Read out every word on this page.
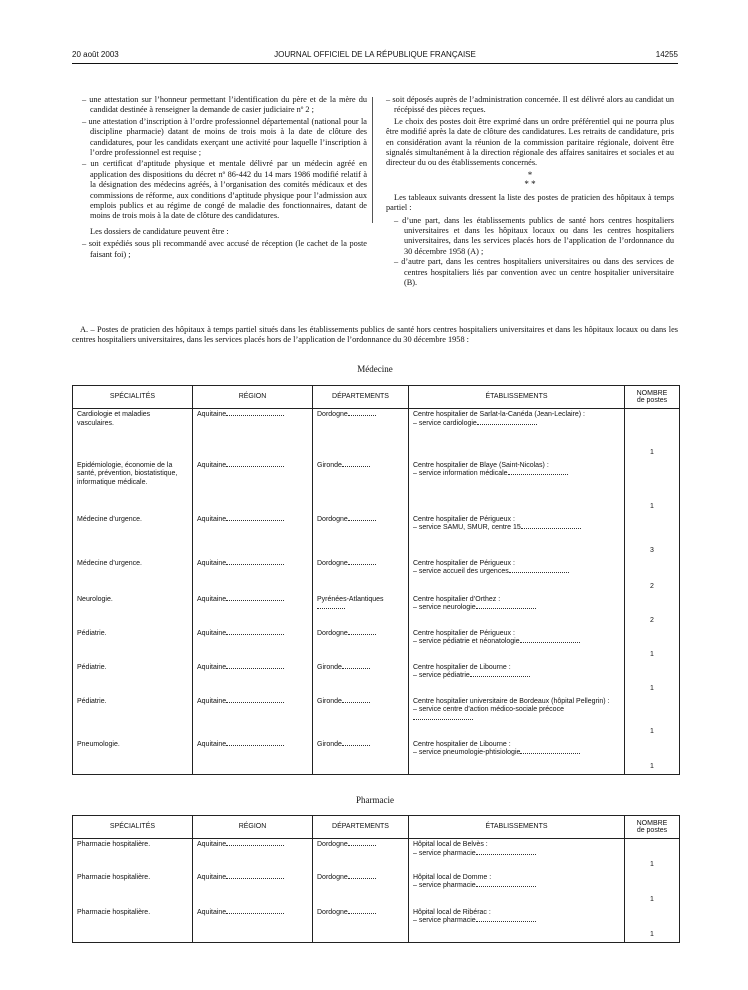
20 août 2003	JOURNAL OFFICIEL DE LA RÉPUBLIQUE FRANÇAISE	14255

– une attestation sur l’honneur permettant l’identification du père et de la mère du candidat destinée à renseigner la demande de casier judiciaire nº 2 ;

– une attestation d’inscription à l’ordre professionnel départemental (national pour la discipline pharmacie) datant de moins de trois mois à la date de clôture des candidatures, pour les candidats exerçant une activité pour laquelle l’inscription à l’ordre professionnel est requise ;

– un certificat d’aptitude physique et mentale délivré par un médecin agréé en application des dispositions du décret nº 86-442 du 14 mars 1986 modifié relatif à la désignation des médecins agréés, à l’organisation des comités médicaux et des commissions de réforme, aux conditions d’aptitude physique pour l’admission aux emplois publics et au régime de congé de maladie des fonctionnaires, datant de moins de trois mois à la date de clôture des candidatures.

Les dossiers de candidature peuvent être :

– soit expédiés sous pli recommandé avec accusé de réception (le cachet de la poste faisant foi) ;

– soit déposés auprès de l’administration concernée. Il est délivré alors au candidat un récépissé des pièces reçues.

Le choix des postes doit être exprimé dans un ordre préférentiel qui ne pourra plus être modifié après la date de clôture des candidatures. Les retraits de candidature, pris en considération avant la réunion de la commission paritaire régionale, doivent être signalés simultanément à la direction régionale des affaires sanitaires et sociales et au directeur du ou des établissements concernés.

*
* *

Les tableaux suivants dressent la liste des postes de praticien des hôpitaux à temps partiel :

– d’une part, dans les établissements publics de santé hors centres hospitaliers universitaires et dans les hôpitaux locaux ou dans les centres hospitaliers universitaires, dans les services placés hors de l’application de l’ordonnance du 30 décembre 1958 (A) ;

– d’autre part, dans les centres hospitaliers universitaires ou dans des services de centres hospitaliers liés par convention avec un centre hospitalier universitaire (B).

A. – Postes de praticien des hôpitaux à temps partiel situés dans les établissements publics de santé hors centres hospitaliers universitaires et dans les hôpitaux locaux ou dans les centres hospitaliers universitaires, dans les services placés hors de l’application de l’ordonnance du 30 décembre 1958 :
Médecine
SPÉCIALITÉS	RÉGION	DÉPARTEMENTS	ÉTABLISSEMENTS	NOMBRE
de postes
Cardiologie et maladies vasculaires.	Aquitaine	Dordogne	Centre hospitalier de Sarlat-la-Canéda (Jean-Leclaire) :
– service cardiologie	1
Epidémiologie, économie de la santé, prévention, biostatistique, informatique médicale.	Aquitaine	Gironde	Centre hospitalier de Blaye (Saint-Nicolas) :
– service information médicale	1
Médecine d’urgence.	Aquitaine	Dordogne	Centre hospitalier de Périgueux :
– service SAMU, SMUR, centre 15	3
Médecine d’urgence.	Aquitaine	Dordogne	Centre hospitalier de Périgueux :
– service accueil des urgences	2
Neurologie.	Aquitaine	Pyrénées-Atlantiques	Centre hospitalier d’Orthez :
– service neurologie	2
Pédiatrie.	Aquitaine	Dordogne	Centre hospitalier de Périgueux :
– service pédiatrie et néonatologie	1
Pédiatrie.	Aquitaine	Gironde	Centre hospitalier de Libourne :
– service pédiatrie	1
Pédiatrie.	Aquitaine	Gironde	Centre hospitalier universitaire de Bordeaux (hôpital Pellegrin) :
– service centre d’action médico-sociale précoce	1
Pneumologie.	Aquitaine	Gironde	Centre hospitalier de Libourne :
– service pneumologie-phtisiologie	1
Pharmacie
SPÉCIALITÉS	RÉGION	DÉPARTEMENTS	ÉTABLISSEMENTS	NOMBRE
de postes
Pharmacie hospitalière.	Aquitaine	Dordogne	Hôpital local de Belvès :
– service pharmacie	1
Pharmacie hospitalière.	Aquitaine	Dordogne	Hôpital local de Domme :
– service pharmacie	1
Pharmacie hospitalière.	Aquitaine	Dordogne	Hôpital local de Ribérac :
– service pharmacie	1
